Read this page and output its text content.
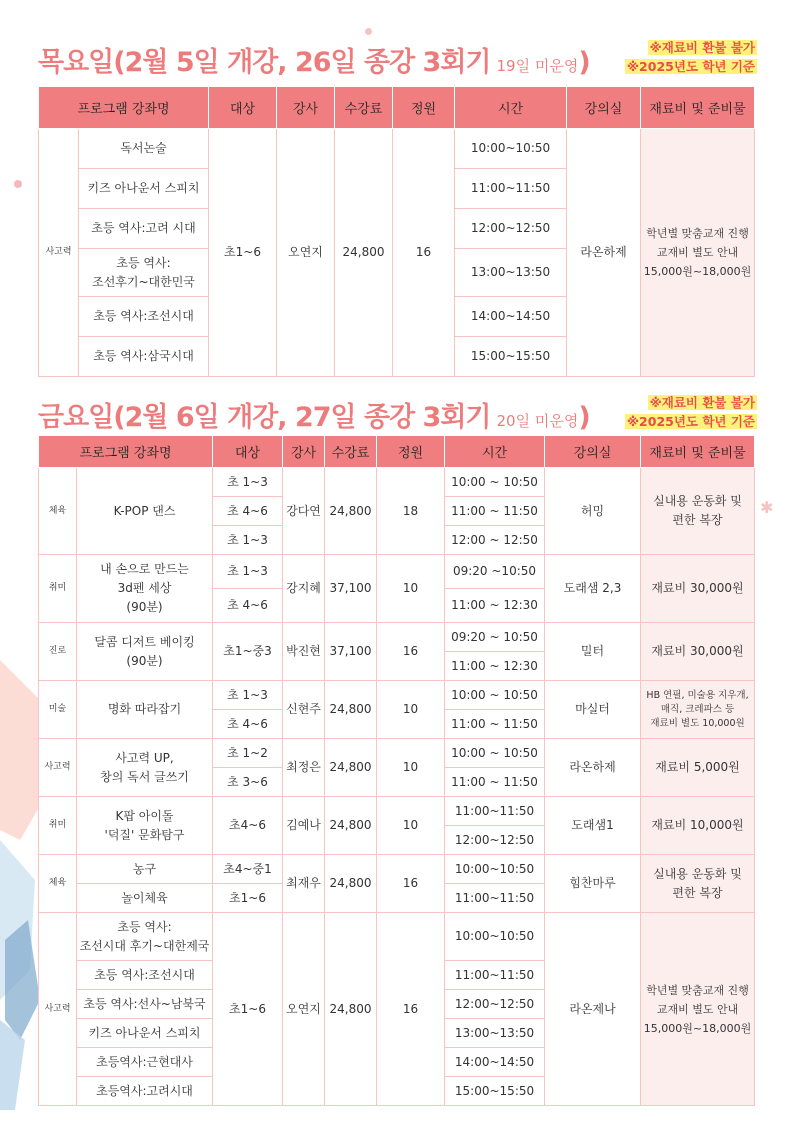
✱
목요일(2월 5일 개강, 26일 종강 3회기 19일 미운영)	※재료비 환불 불가
※2025년도 학년 기준
프로그램 강좌명		대상	강사	수강료	정원	시간	강의실	재료비 및 준비물
사고력	독서논술	초1~6	오연지	24,800	16	10:00~10:50	라온하제	학년별 맞춤교재 진행
교재비 별도 안내
15,000원~18,000원
	키즈 아나운서 스피치					11:00~11:50		
	초등 역사:고려 시대					12:00~12:50		
	초등 역사:
조선후기~대한민국					13:00~13:50		
	초등 역사:조선시대					14:00~14:50		
	초등 역사:삼국시대					15:00~15:50		
금요일(2월 6일 개강, 27일 종강 3회기 20일 미운영)	※재료비 환불 불가
※2025년도 학년 기준
프로그램 강좌명		대상	강사	수강료	정원	시간	강의실	재료비 및 준비물
체육	K-POP 댄스	초 1~3	강다연	24,800	18	10:00 ~ 10:50	허밍	실내용 운동화 및
편한 복장
		초 4~6				11:00 ~ 11:50		
		초 1~3				12:00 ~ 12:50		
취미	내 손으로 만드는
3d펜 세상
(90분)	초 1~3	강지혜	37,100	10	09:20 ~10:50	도래샘 2,3	재료비 30,000원
		초 4~6				11:00 ~ 12:30		
진로	달콤 디저트 베이킹
(90분)	초1~중3	박진현	37,100	16	09:20 ~ 10:50	밀터	재료비 30,000원
						11:00 ~ 12:30		
미술	명화 따라잡기	초 1~3	신현주	24,800	10	10:00 ~ 10:50	마실터	HB 연필, 미술용 지우개,
매직, 크레파스 등
재료비 별도 10,000원
		초 4~6				11:00 ~ 11:50		
사고력	사고력 UP,
창의 독서 글쓰기	초 1~2	최정은	24,800	10	10:00 ~ 10:50	라온하제	재료비 5,000원
		초 3~6				11:00 ~ 11:50		
취미	K팝 아이돌
'덕질' 문화탐구	초4~6	김예나	24,800	10	11:00~11:50	도래샘1	재료비 10,000원
						12:00~12:50		
체육	농구	초4~중1	최재우	24,800	16	10:00~10:50	힘찬마루	실내용 운동화 및
편한 복장
	놀이체육	초1~6				11:00~11:50		
사고력	초등 역사:
조선시대 후기~대한제국	초1~6	오연지	24,800	16	10:00~10:50	라온제나	학년별 맞춤교재 진행
교재비 별도 안내
15,000원~18,000원
	초등 역사:조선시대					11:00~11:50		
	초등 역사:선사~남북국					12:00~12:50		
	키즈 아나운서 스피치					13:00~13:50		
	초등역사:근현대사					14:00~14:50		
	초등역사:고려시대					15:00~15:50		
